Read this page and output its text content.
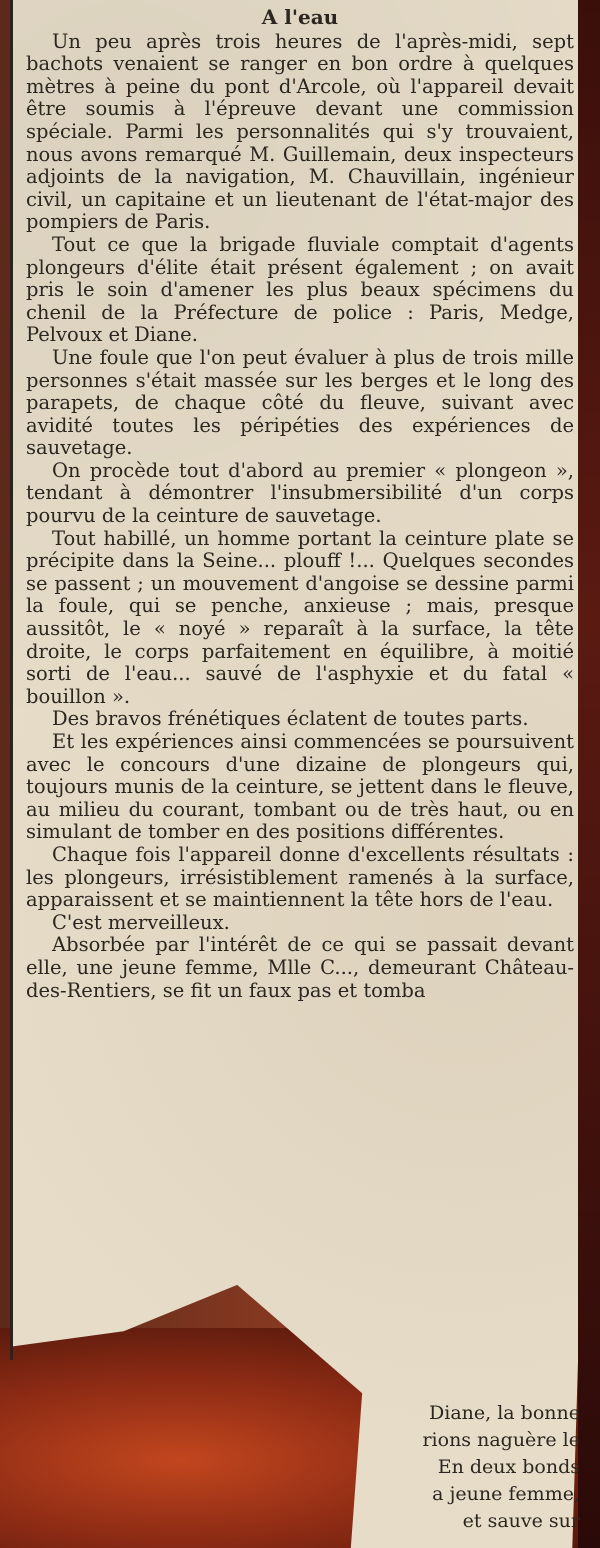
A l'eau

Un peu après trois heures de l'après-midi, sept bachots venaient se ranger en bon ordre à quelques mètres à peine du pont d'Arcole, où l'appareil devait être soumis à l'épreuve devant une commission spéciale. Parmi les personnalités qui s'y trouvaient, nous avons remarqué M. Guillemain, deux inspecteurs adjoints de la navigation, M. Chauvillain, ingénieur civil, un capitaine et un lieutenant de l'état-major des pompiers de Paris.

Tout ce que la brigade fluviale comptait d'agents plongeurs d'élite était présent également ; on avait pris le soin d'amener les plus beaux spécimens du chenil de la Préfecture de police : Paris, Medge, Pelvoux et Diane.

Une foule que l'on peut évaluer à plus de trois mille personnes s'était massée sur les berges et le long des parapets, de chaque côté du fleuve, suivant avec avidité toutes les péripéties des expériences de sauvetage.

On procède tout d'abord au premier « plongeon », tendant à démontrer l'insubmersibilité d'un corps pourvu de la ceinture de sauvetage.

Tout habillé, un homme portant la ceinture plate se précipite dans la Seine... plouff !... Quelques secondes se passent ; un mouvement d'angoise se dessine parmi la foule, qui se penche, anxieuse ; mais, presque aussitôt, le « noyé » reparaît à la surface, la tête droite, le corps parfaitement en équilibre, à moitié sorti de l'eau... sauvé de l'asphyxie et du fatal « bouillon ».

Des bravos frénétiques éclatent de toutes parts.

Et les expériences ainsi commencées se poursuivent avec le concours d'une dizaine de plongeurs qui, toujours munis de la ceinture, se jettent dans le fleuve, au milieu du courant, tombant ou de très haut, ou en simulant de tomber en des positions différentes.

Chaque fois l'appareil donne d'excellents résultats : les plongeurs, irrésistiblement ramenés à la surface, apparaissent et se maintiennent la tête hors de l'eau.

C'est merveilleux.

Absorbée par l'intérêt de ce qui se passait devant elle, une jeune femme, Mlle C..., demeurant Château-des-Rentiers, se fit un faux pas et tomba

Diane, la bonne
rions naguère le
En deux bonds
a jeune femme,
et sauve sur
